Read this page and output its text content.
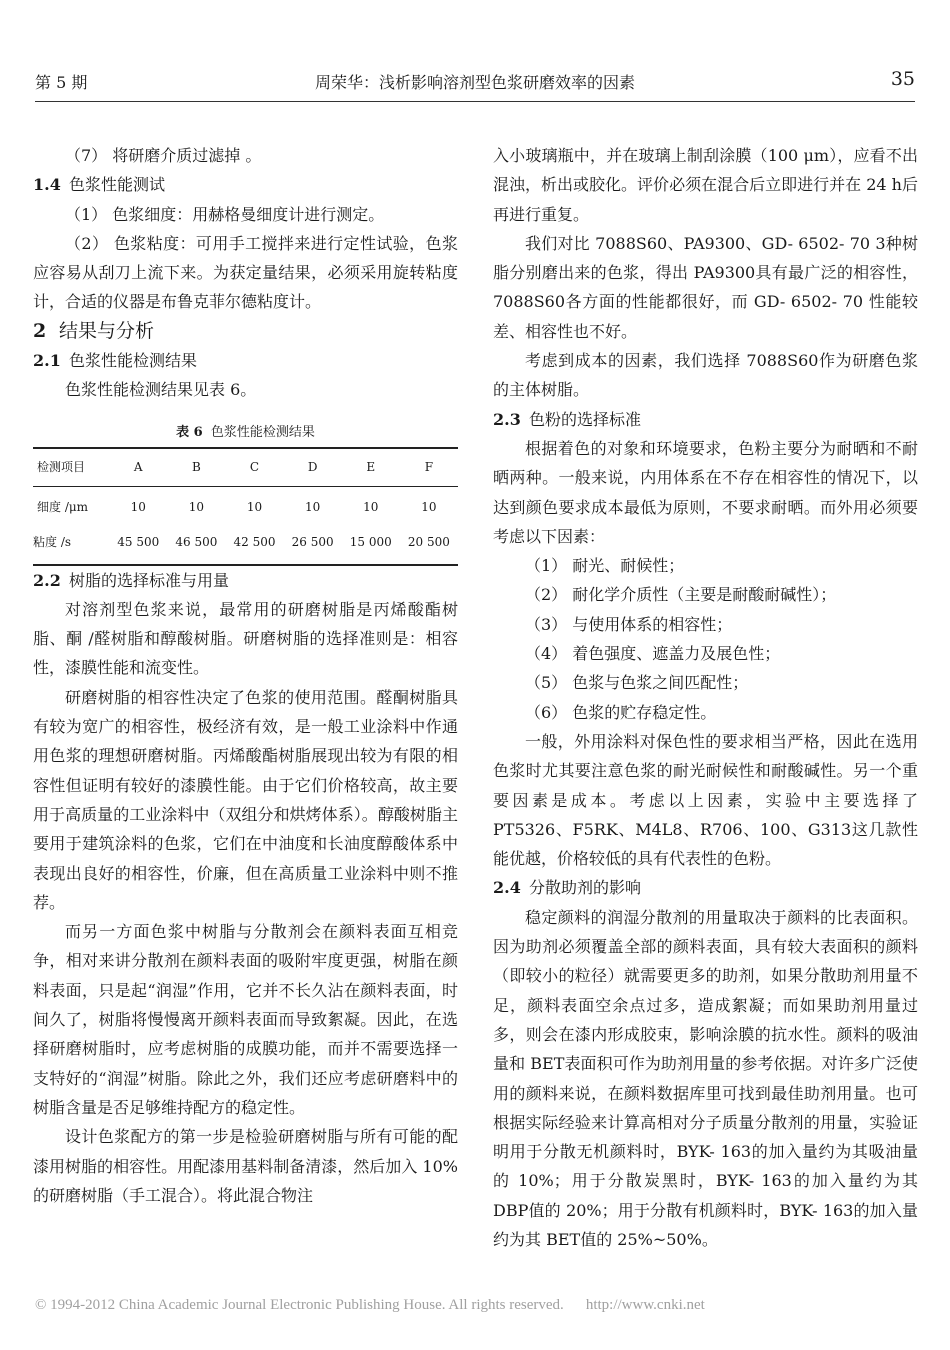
第 5 期	周荣华：浅析影响溶剂型色浆研磨效率的因素	35

（7） 将研磨介质过滤掉 。

1.4 色浆性能测试

（1） 色浆细度：用赫格曼细度计进行测定。

（2） 色浆粘度：可用手工搅拌来进行定性试验，色浆应容易从刮刀上流下来。为获定量结果，必须采用旋转粘度计，合适的仪器是布鲁克菲尔德粘度计。

2 结果与分析

2.1 色浆性能检测结果

色浆性能检测结果见表 6。

表 6 色浆性能检测结果
检测项目	A	B	C	D	E	F
细度 /μm	10	10	10	10	10	10
粘度 /s	45 500	46 500	42 500	26 500	15 000	20 500

2.2 树脂的选择标准与用量

对溶剂型色浆来说，最常用的研磨树脂是丙烯酸酯树脂、酮 /醛树脂和醇酸树脂。研磨树脂的选择准则是：相容性，漆膜性能和流变性。

研磨树脂的相容性决定了色浆的使用范围。醛酮树脂具有较为宽广的相容性，极经济有效，是一般工业涂料中作通用色浆的理想研磨树脂。丙烯酸酯树脂展现出较为有限的相容性但证明有较好的漆膜性能。由于它们价格较高，故主要用于高质量的工业涂料中（双组分和烘烤体系）。醇酸树脂主要用于建筑涂料的色浆，它们在中油度和长油度醇酸体系中表现出良好的相容性，价廉，但在高质量工业涂料中则不推荐。

而另一方面色浆中树脂与分散剂会在颜料表面互相竞争，相对来讲分散剂在颜料表面的吸附牢度更强，树脂在颜料表面，只是起“润湿”作用，它并不长久沾在颜料表面，时间久了，树脂将慢慢离开颜料表面而导致絮凝。因此，在选择研磨树脂时，应考虑树脂的成膜功能，而并不需要选择一支特好的“润湿”树脂。除此之外，我们还应考虑研磨料中的树脂含量是否足够维持配方的稳定性。

设计色浆配方的第一步是检验研磨树脂与所有可能的配漆用树脂的相容性。用配漆用基料制备清漆，然后加入 10%的研磨树脂（手工混合）。将此混合物注

入小玻璃瓶中，并在玻璃上制刮涂膜（100 μm），应看不出混浊，析出或胶化。评价必须在混合后立即进行并在 24 h后再进行重复。

我们对比 7088S60、PA9300、GD- 6502- 70 3种树脂分别磨出来的色浆，得出 PA9300具有最广泛的相容性，7088S60各方面的性能都很好，而 GD- 6502- 70 性能较差、相容性也不好。

考虑到成本的因素，我们选择 7088S60作为研磨色浆的主体树脂。

2.3 色粉的选择标准

根据着色的对象和环境要求，色粉主要分为耐晒和不耐晒两种。一般来说，内用体系在不存在相容性的情况下，以达到颜色要求成本最低为原则，不要求耐晒。而外用必须要考虑以下因素：

（1） 耐光、耐候性；

（2） 耐化学介质性（主要是耐酸耐碱性）；

（3） 与使用体系的相容性；

（4） 着色强度、遮盖力及展色性；

（5） 色浆与色浆之间匹配性；

（6） 色浆的贮存稳定性。

一般，外用涂料对保色性的要求相当严格，因此在选用色浆时尤其要注意色浆的耐光耐候性和耐酸碱性。另一个重要因素是成本。考虑以上因素，实验中主要选择了 PT5326、F5RK、M4L8、R706、100、G313这几款性能优越，价格较低的具有代表性的色粉。

2.4 分散助剂的影响

稳定颜料的润湿分散剂的用量取决于颜料的比表面积。因为助剂必须覆盖全部的颜料表面，具有较大表面积的颜料（即较小的粒径）就需要更多的助剂，如果分散助剂用量不足，颜料表面空余点过多，造成絮凝；而如果助剂用量过多，则会在漆内形成胶束，影响涂膜的抗水性。颜料的吸油量和 BET表面积可作为助剂用量的参考依据。对许多广泛使用的颜料来说，在颜料数据库里可找到最佳助剂用量。也可根据实际经验来计算高相对分子质量分散剂的用量，实验证明用于分散无机颜料时，BYK- 163的加入量约为其吸油量的 10%；用于分散炭黑时，BYK- 163的加入量约为其 DBP值的 20%；用于分散有机颜料时，BYK- 163的加入量约为其 BET值的 25%~50%。

© 1994-2012 China Academic Journal Electronic Publishing House. All rights reserved. http://www.cnki.net
